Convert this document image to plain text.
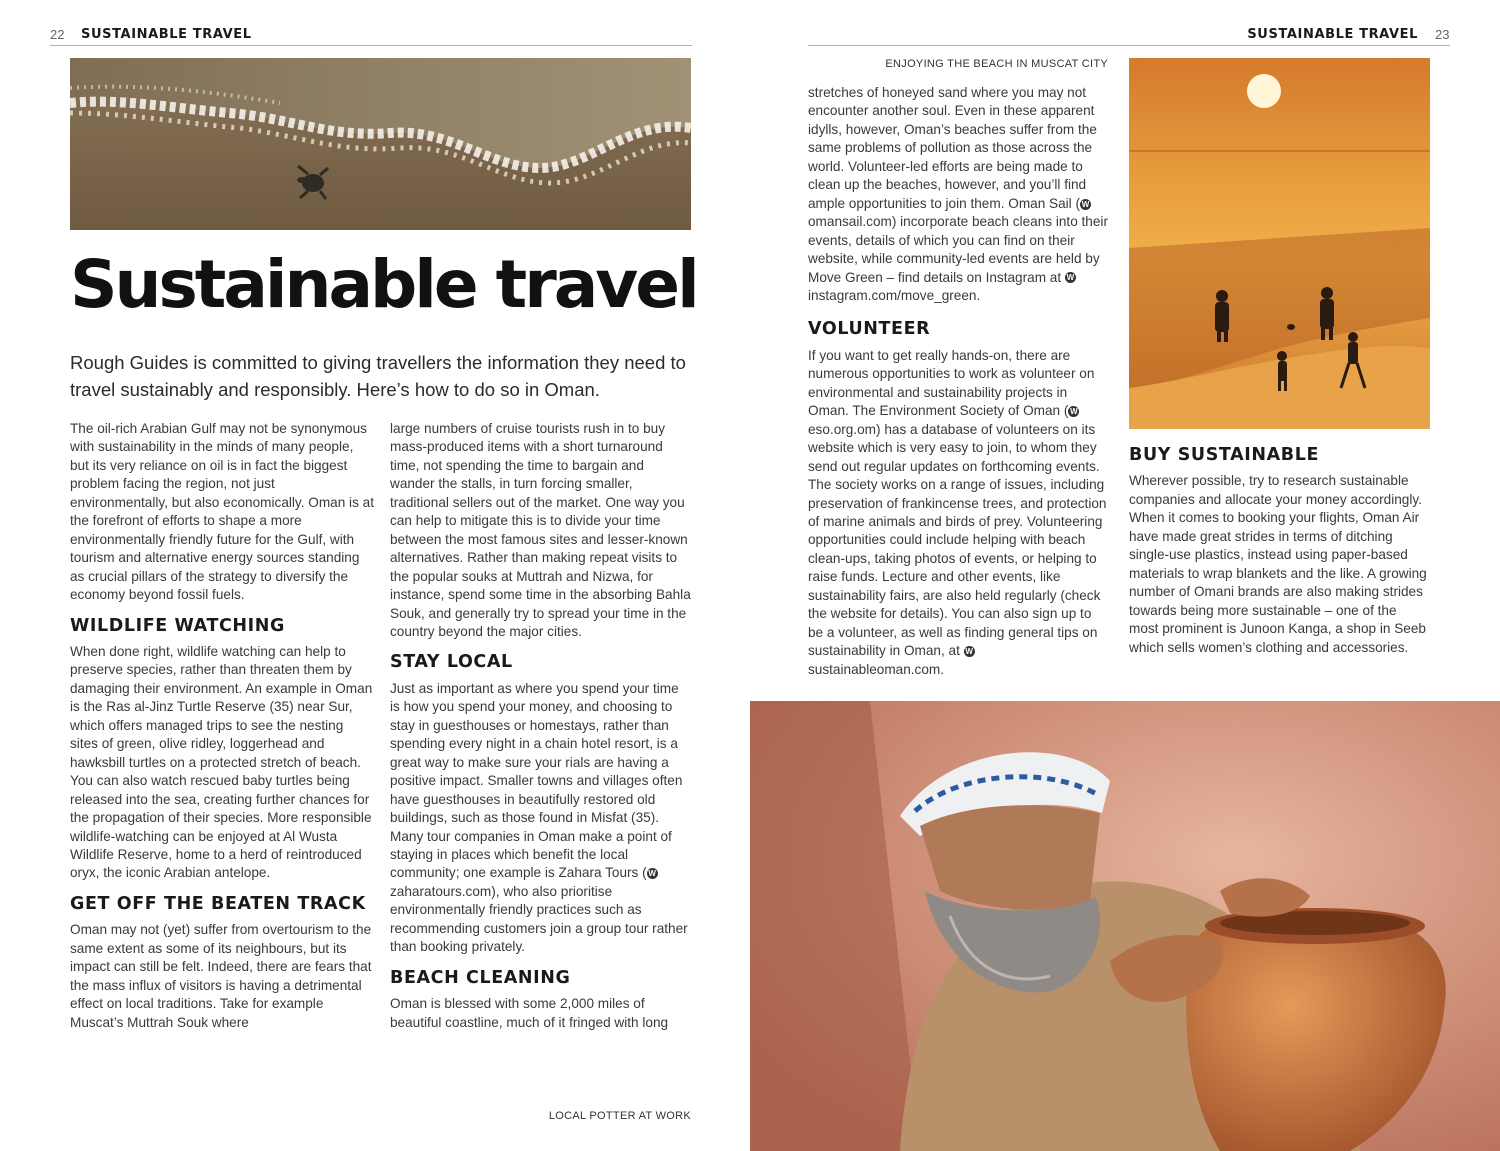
22 SUSTAINABLE TRAVEL
Sustainable travel
Rough Guides is committed to giving travellers the information they need to travel sustainably and responsibly. Here’s how to do so in Oman.

The oil-rich Arabian Gulf may not be synonymous with sustainability in the minds of many people, but its very reliance on oil is in fact the biggest problem facing the region, not just environmentally, but also economically. Oman is at the forefront of efforts to shape a more environmentally friendly future for the Gulf, with tourism and alternative energy sources standing as crucial pillars of the strategy to diversify the economy beyond fossil fuels.

WILDLIFE WATCHING

When done right, wildlife watching can help to preserve species, rather than threaten them by damaging their environment. An example in Oman is the Ras al-Jinz Turtle Reserve (35) near Sur, which offers managed trips to see the nesting sites of green, olive ridley, loggerhead and hawksbill turtles on a protected stretch of beach. You can also watch rescued baby turtles being released into the sea, creating further chances for the propagation of their species. More responsible wildlife-watching can be enjoyed at Al Wusta Wildlife Reserve, home to a herd of reintroduced oryx, the iconic Arabian antelope.

GET OFF THE BEATEN TRACK

Oman may not (yet) suffer from overtourism to the same extent as some of its neighbours, but its impact can still be felt. Indeed, there are fears that the mass influx of visitors is having a detrimental effect on local traditions. Take for example Muscat’s Muttrah Souk where

large numbers of cruise tourists rush in to buy mass-produced items with a short turnaround time, not spending the time to bargain and wander the stalls, in turn forcing smaller, traditional sellers out of the market. One way you can help to mitigate this is to divide your time between the most famous sites and lesser-known alternatives. Rather than making repeat visits to the popular souks at Muttrah and Nizwa, for instance, spend some time in the absorbing Bahla Souk, and generally try to spread your time in the country beyond the major cities.

STAY LOCAL

Just as important as where you spend your time is how you spend your money, and choosing to stay in guesthouses or homestays, rather than spending every night in a chain hotel resort, is a great way to make sure your rials are having a positive impact. Smaller towns and villages often have guesthouses in beautifully restored old buildings, such as those found in Misfat (35). Many tour companies in Oman make a point of staying in places which benefit the local community; one example is Zahara Tours ( Wzaharatours.com), who also prioritise environmentally friendly practices such as recommending customers join a group tour rather than booking privately.

BEACH CLEANING

Oman is blessed with some 2,000 miles of beautiful coastline, much of it fringed with long

LOCAL POTTER AT WORK
SUSTAINABLE TRAVEL 23
ENJOYING THE BEACH IN MUSCAT CITY

stretches of honeyed sand where you may not encounter another soul. Even in these apparent idylls, however, Oman’s beaches suffer from the same problems of pollution as those across the world. Volunteer-led efforts are being made to clean up the beaches, however, and you’ll find ample opportunities to join them. Oman Sail ( Womansail.com) incorporate beach cleans into their events, details of which you can find on their website, while community-led events are held by Move Green – find details on Instagram at Winstagram.com/move_green.

VOLUNTEER

If you want to get really hands-on, there are numerous opportunities to work as volunteer on environmental and sustainability projects in Oman. The Environment Society of Oman ( Weso.org.om) has a database of volunteers on its website which is very easy to join, to whom they send out regular updates on forthcoming events. The society works on a range of issues, including preservation of frankincense trees, and protection of marine animals and birds of prey. Volunteering opportunities could include helping with beach clean-ups, taking photos of events, or helping to raise funds. Lecture and other events, like sustainability fairs, are also held regularly (check the website for details). You can also sign up to be a volunteer, as well as finding general tips on sustainability in Oman, at Wsustainableoman.com.

BUY SUSTAINABLE

Wherever possible, try to research sustainable companies and allocate your money accordingly. When it comes to booking your flights, Oman Air have made great strides in terms of ditching single-use plastics, instead using paper-based materials to wrap blankets and the like. A growing number of Omani brands are also making strides towards being more sustainable – one of the most prominent is Junoon Kanga, a shop in Seeb which sells women’s clothing and accessories.
